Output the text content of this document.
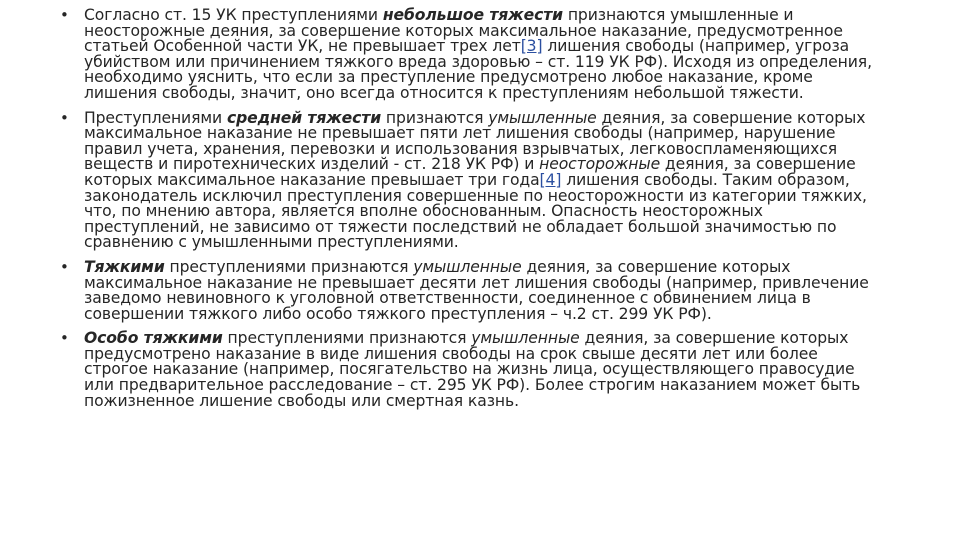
• Согласно ст. 15 УК преступлениями небольшое тяжести признаются умышленные и неосторожные деяния, за совершение которых максимальное наказание, предусмотренное статьей Особенной части УК, не превышает трех лет[3] лишения свободы (например, угроза убийством или причинением тяжкого вреда здоровью – ст. 119 УК РФ). Исходя из определения, необходимо уяснить, что если за преступление предусмотрено любое наказание, кроме лишения свободы, значит, оно всегда относится к преступлениям небольшой тяжести.
• Преступлениями средней тяжести признаются умышленные деяния, за совершение которых максимальное наказание не превышает пяти лет лишения свободы (например, нарушение правил учета, хранения, перевозки и использования взрывчатых, легковоспламеняющихся веществ и пиротехнических изделий - ст. 218 УК РФ) и неосторожные деяния, за совершение которых максимальное наказание превышает три года[4] лишения свободы. Таким образом, законодатель исключил преступления совершенные по неосторожности из категории тяжких, что, по мнению автора, является вполне обоснованным. Опасность неосторожных преступлений, не зависимо от тяжести последствий не обладает большой значимостью по сравнению с умышленными преступлениями.
• Тяжкими преступлениями признаются умышленные деяния, за совершение которых максимальное наказание не превышает десяти лет лишения свободы (например, привлечение заведомо невиновного к уголовной ответственности, соединенное с обвинением лица в совершении тяжкого либо особо тяжкого преступления – ч.2 ст. 299 УК РФ).
• Особо тяжкими преступлениями признаются умышленные деяния, за совершение которых предусмотрено наказание в виде лишения свободы на срок свыше десяти лет или более строгое наказание (например, посягательство на жизнь лица, осуществляющего правосудие или предварительное расследование – ст. 295 УК РФ). Более строгим наказанием может быть пожизненное лишение свободы или смертная казнь.
